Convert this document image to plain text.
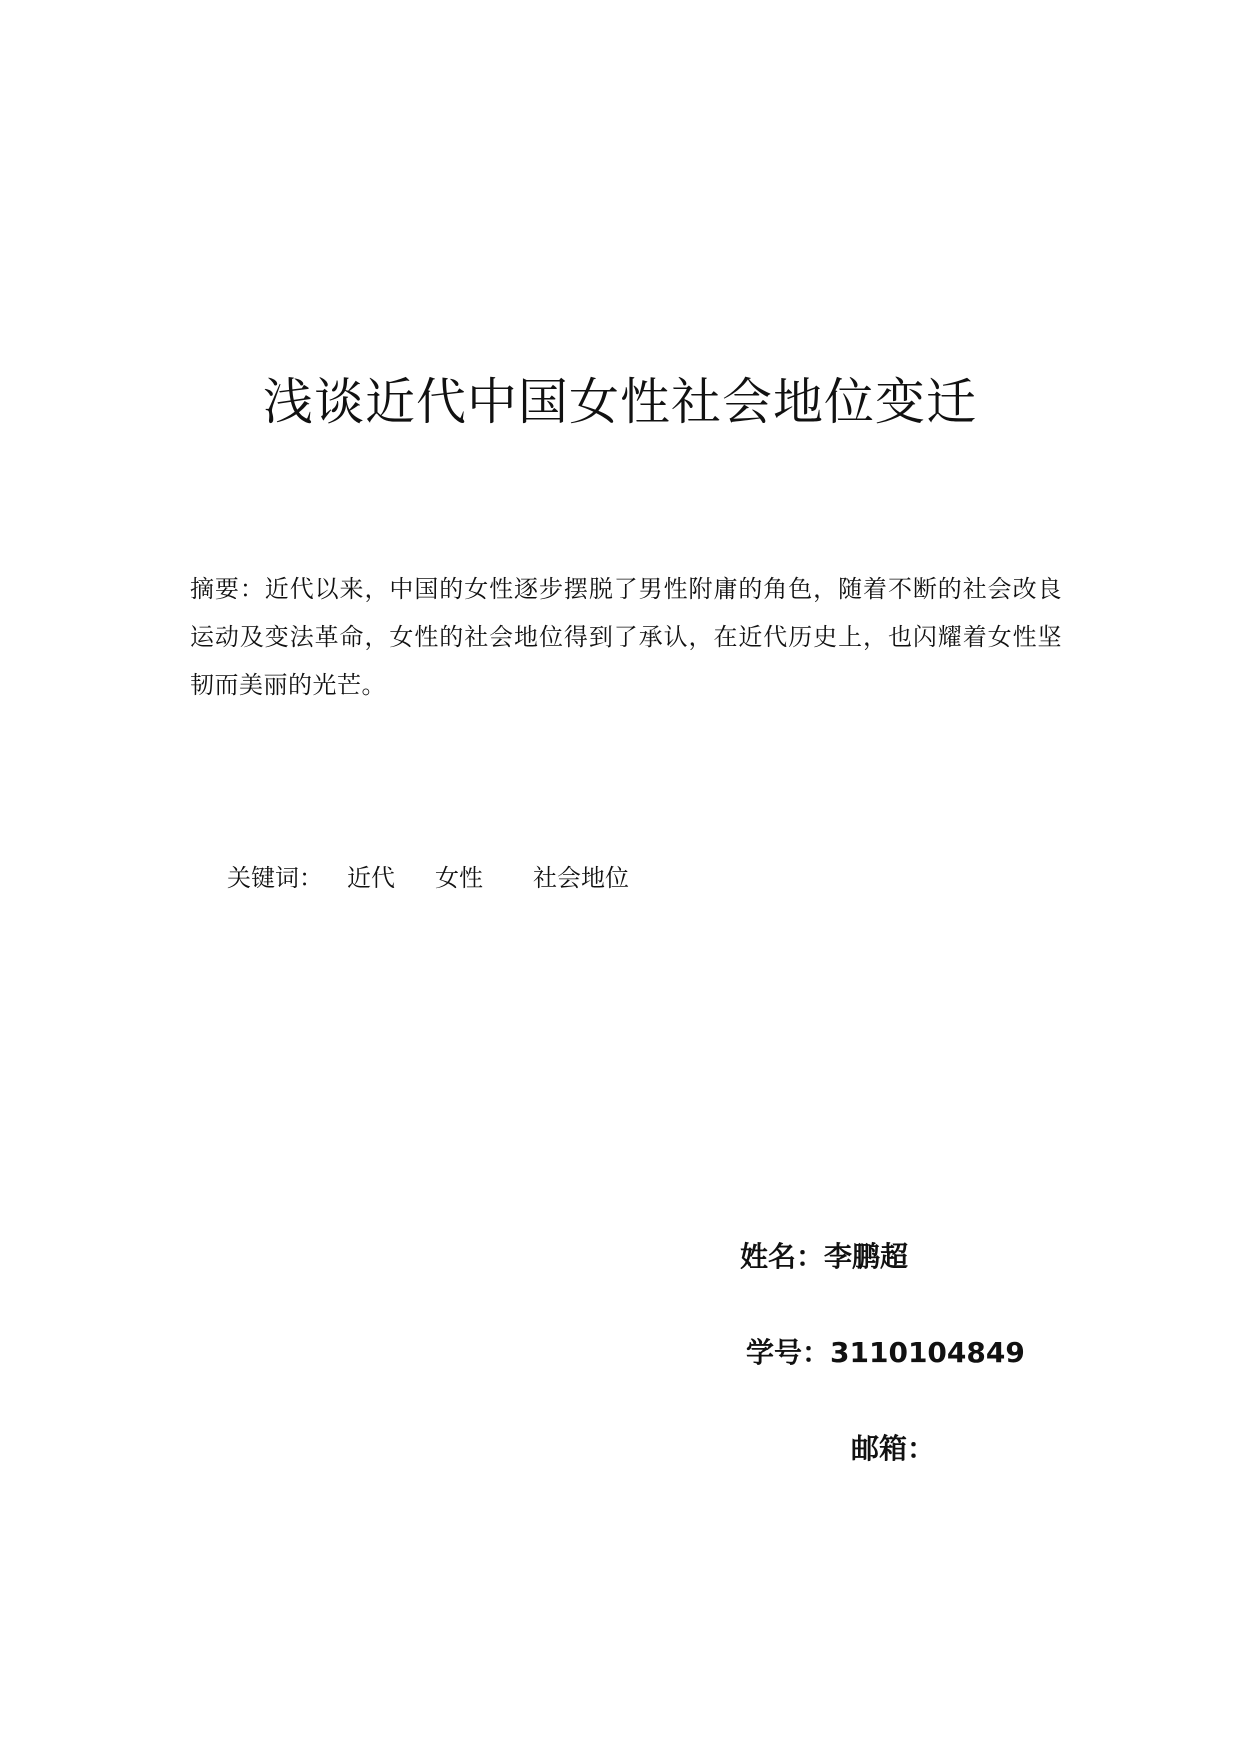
浅谈近代中国女性社会地位变迁
摘要：近代以来，中国的女性逐步摆脱了男性附庸的角色，随着不断的社会改良运动及变法革命，女性的社会地位得到了承认，在近代历史上，也闪耀着女性坚韧而美丽的光芒。
关键词： 近代 女性 社会地位
姓名：李鹏超
学号：3110104849
邮箱：
